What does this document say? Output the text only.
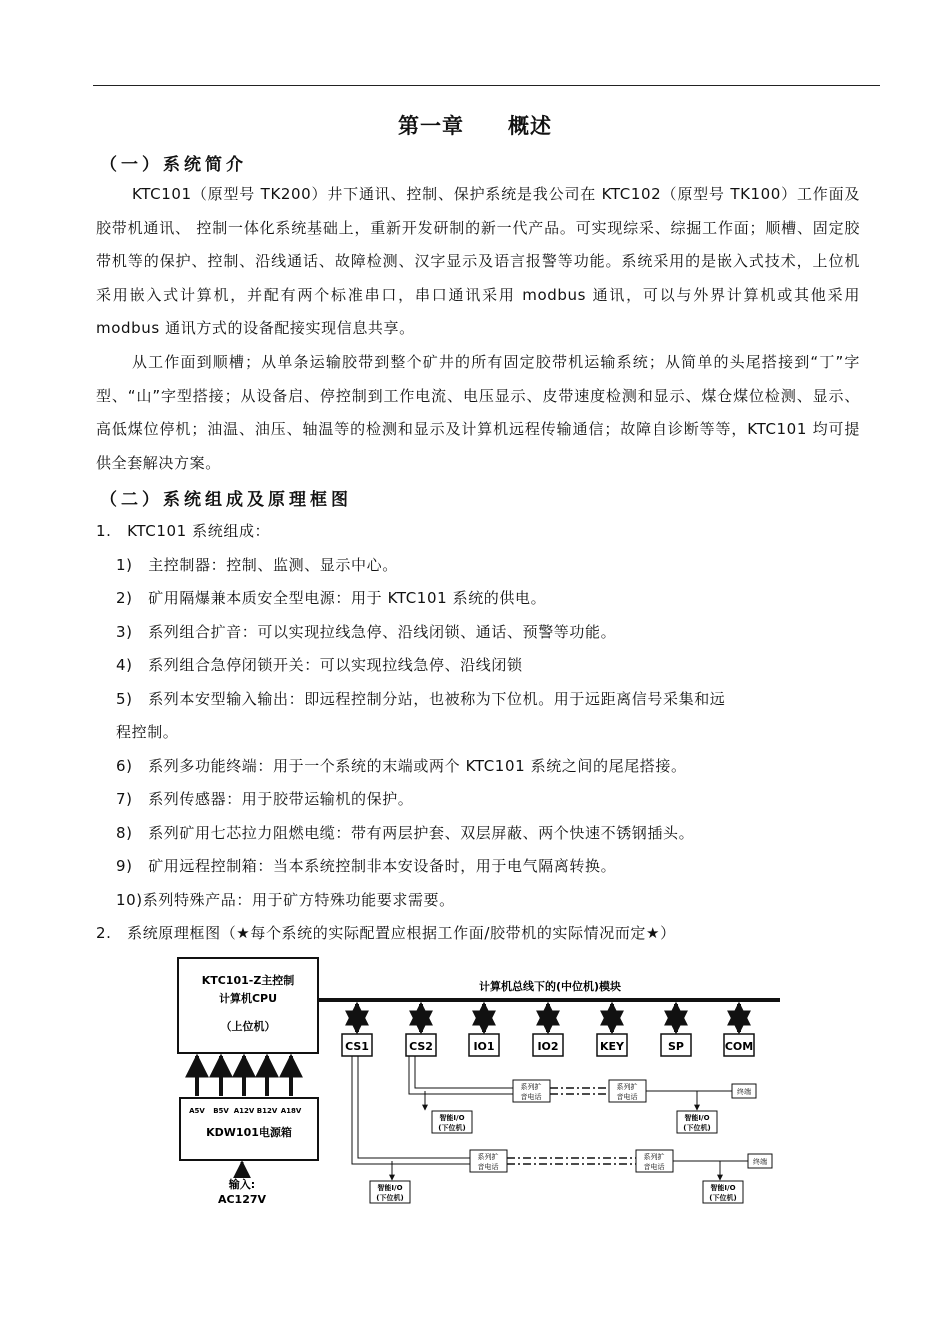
第一章　　概述
（一）系统简介

KTC101（原型号 TK200）井下通讯、控制、保护系统是我公司在 KTC102（原型号 TK100）工作面及胶带机通讯、 控制一体化系统基础上，重新开发研制的新一代产品。可实现综采、综掘工作面；顺槽、固定胶带机等的保护、控制、沿线通话、故障检测、汉字显示及语言报警等功能。系统采用的是嵌入式技术，上位机采用嵌入式计算机，并配有两个标准串口，串口通讯采用 modbus 通讯，可以与外界计算机或其他采用 modbus 通讯方式的设备配接实现信息共享。

从工作面到顺槽；从单条运输胶带到整个矿井的所有固定胶带机运输系统；从简单的头尾搭接到“丁”字型、“山”字型搭接；从设备启、停控制到工作电流、电压显示、皮带速度检测和显示、煤仓煤位检测、显示、高低煤位停机；油温、油压、轴温等的检测和显示及计算机远程传输通信；故障自诊断等等，KTC101 均可提供全套解决方案。

（二）系统组成及原理框图
1.　KTC101 系统组成：
1)　主控制器：控制、监测、显示中心。
2)　矿用隔爆兼本质安全型电源：用于 KTC101 系统的供电。
3)　系列组合扩音：可以实现拉线急停、沿线闭锁、通话、预警等功能。
4)　系列组合急停闭锁开关：可以实现拉线急停、沿线闭锁
5)　系列本安型输入输出：即远程控制分站，也被称为下位机。用于远距离信号采集和远
程控制。
6)　系列多功能终端：用于一个系统的末端或两个 KTC101 系统之间的尾尾搭接。
7)　系列传感器：用于胶带运输机的保护。
8)　系列矿用七芯拉力阻燃电缆：带有两层护套、双层屏蔽、两个快速不锈钢插头。
9)　矿用远程控制箱：当本系统控制非本安设备时，用于电气隔离转换。
10)系列特殊产品：用于矿方特殊功能要求需要。
2.　系统原理框图（★每个系统的实际配置应根据工作面/胶带机的实际情况而定★）
KTC101-Z主控制
计算机CPU
（上位机）
计算机总线下的(中位机)模块
CS1	CS2	IO1	IO2	KEY	SP	COM
A5V B5V A12V B12V A18V
KDW101电源箱
输入:
AC127V
系列扩
音电话
系列扩
音电话
终端
智能I/O
(下位机)
智能I/O
(下位机)
系列扩
音电话
系列扩
音电话
终端
智能I/O
(下位机)
智能I/O
(下位机)
